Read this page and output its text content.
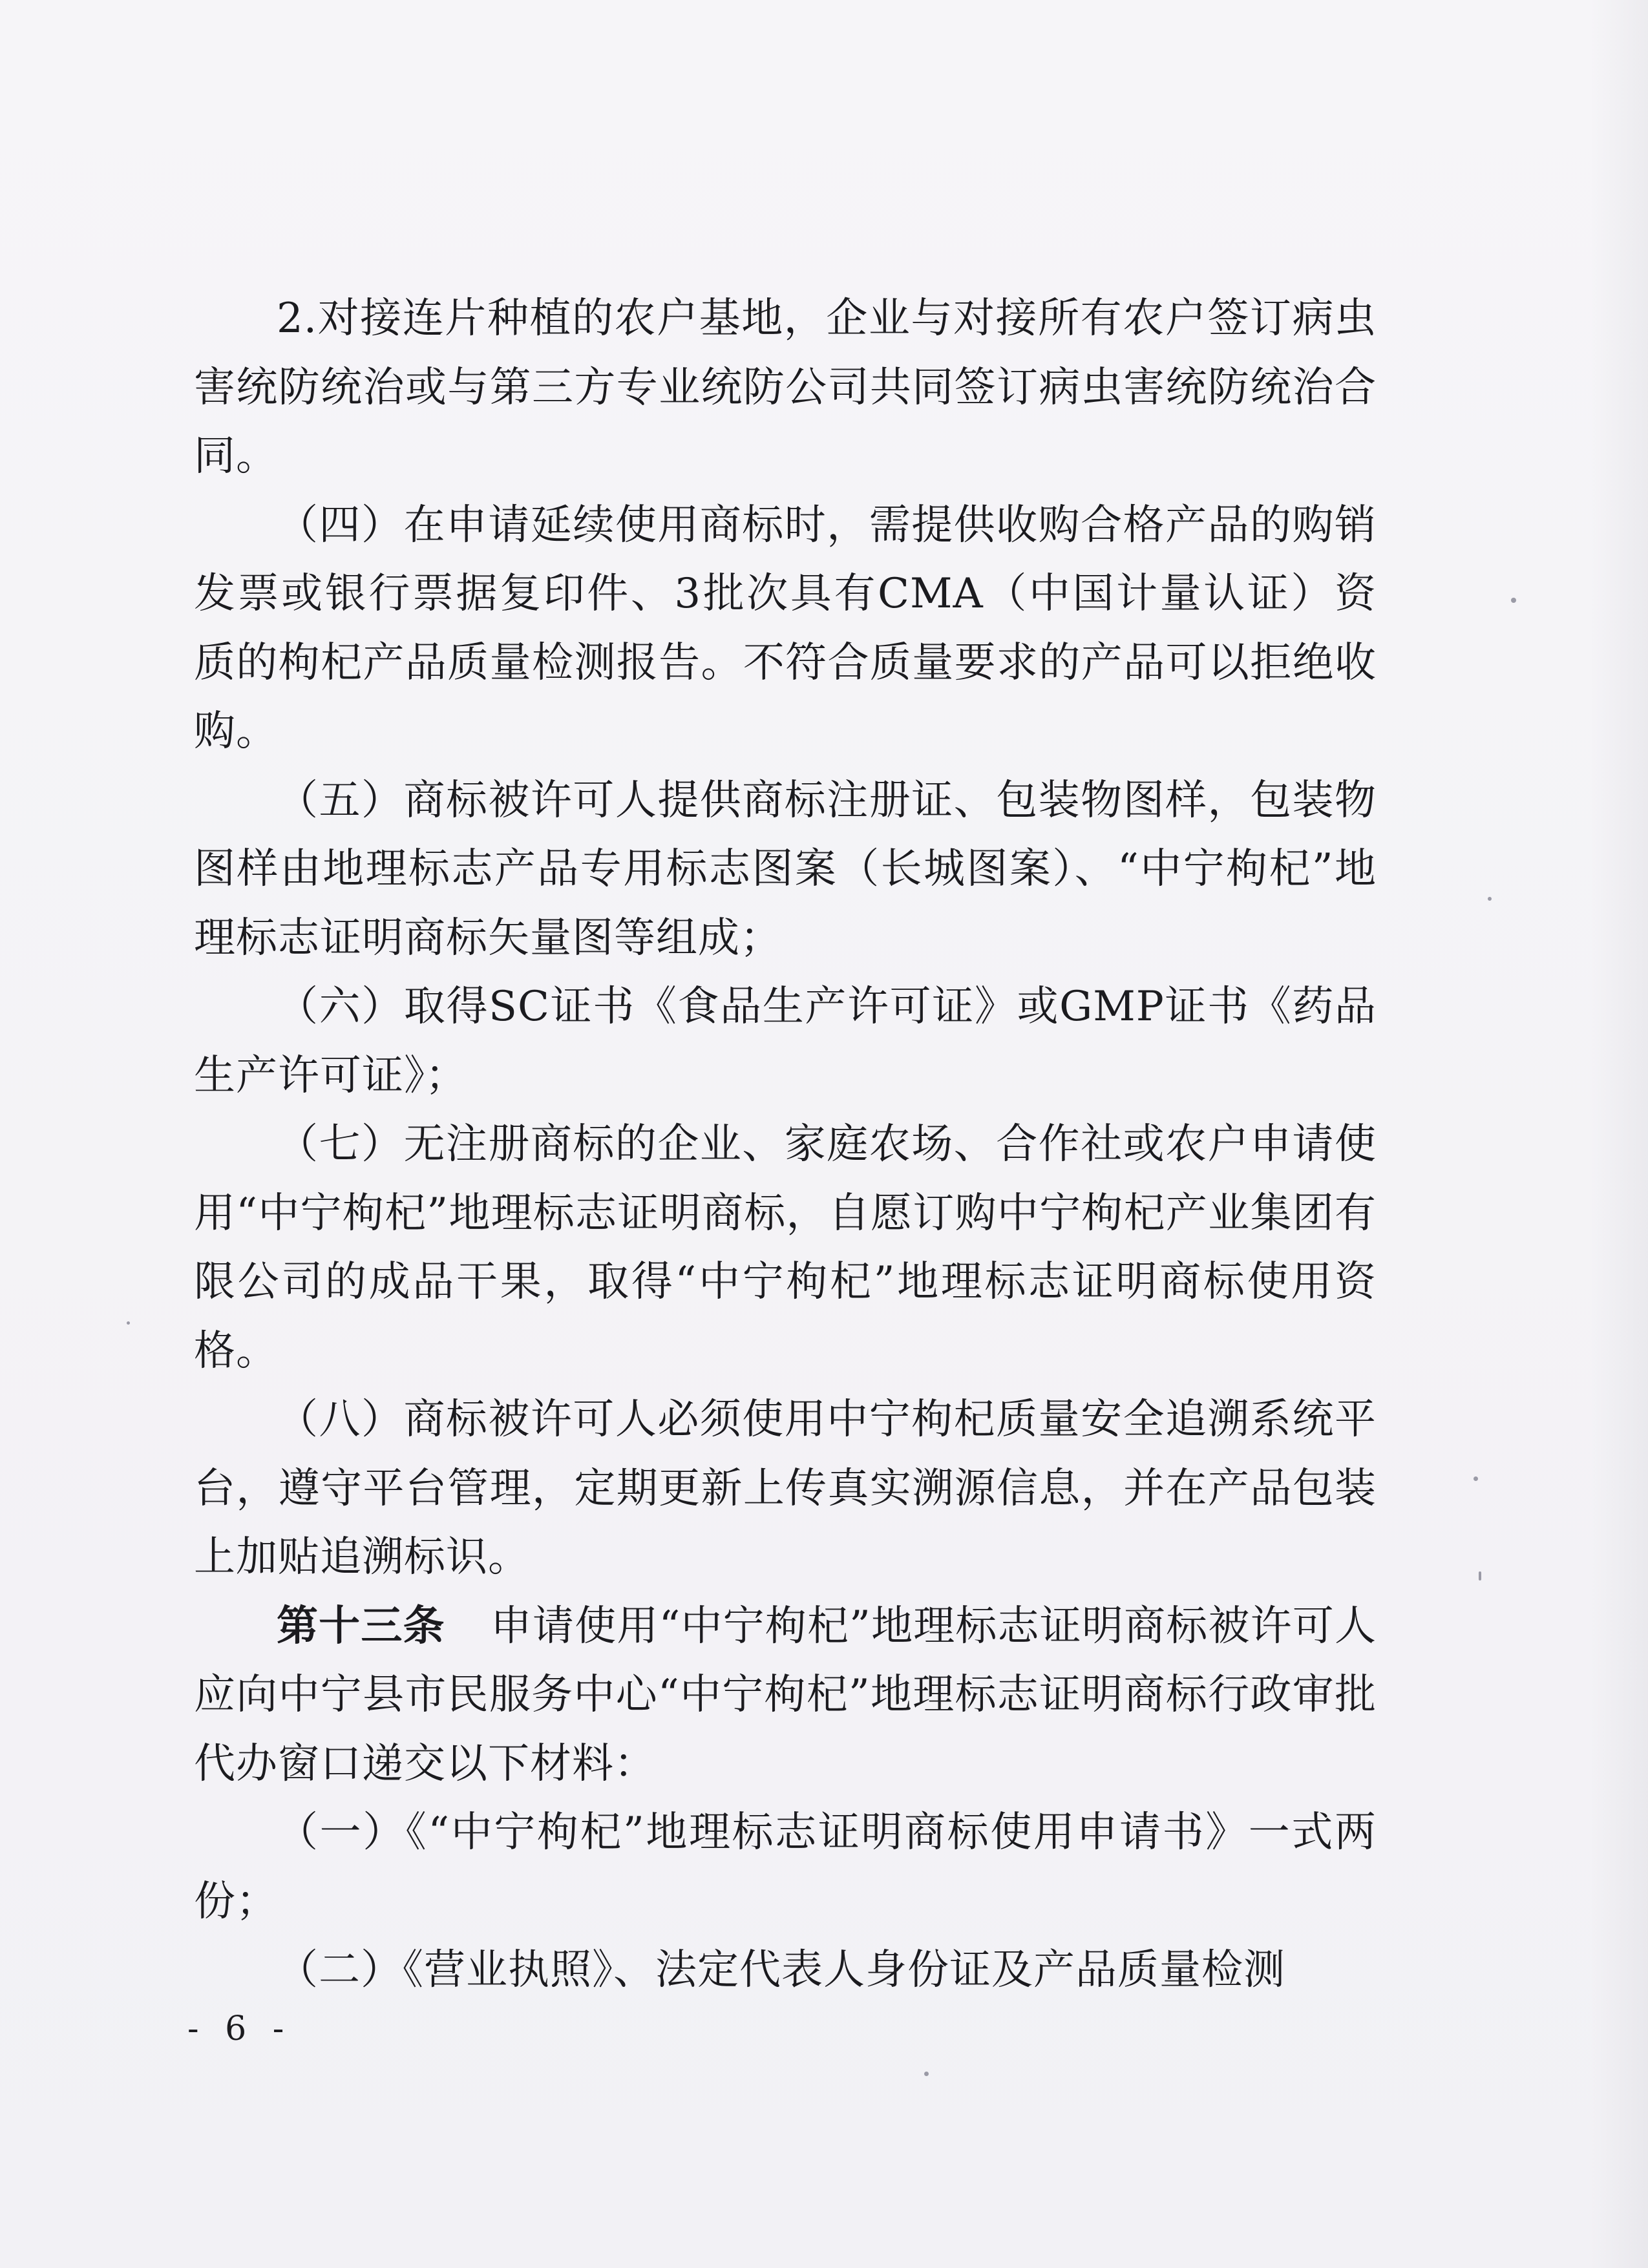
2.对接连片种植的农户基地，企业与对接所有农户签订病虫害统防统治或与第三方专业统防公司共同签订病虫害统防统治合同。

（四）在申请延续使用商标时，需提供收购合格产品的购销发票或银行票据复印件、3批次具有CMA（中国计量认证）资质的枸杞产品质量检测报告。不符合质量要求的产品可以拒绝收购。

（五）商标被许可人提供商标注册证、包装物图样，包装物图样由地理标志产品专用标志图案（长城图案）、“中宁枸杞”地理标志证明商标矢量图等组成；

（六）取得SC证书《食品生产许可证》或GMP证书《药品生产许可证》；

（七）无注册商标的企业、家庭农场、合作社或农户申请使用“中宁枸杞”地理标志证明商标，自愿订购中宁枸杞产业集团有限公司的成品干果，取得“中宁枸杞”地理标志证明商标使用资格。

（八）商标被许可人必须使用中宁枸杞质量安全追溯系统平台，遵守平台管理，定期更新上传真实溯源信息，并在产品包装上加贴追溯标识。

第十三条 申请使用“中宁枸杞”地理标志证明商标被许可人应向中宁县市民服务中心“中宁枸杞”地理标志证明商标行政审批代办窗口递交以下材料：

（一）《“中宁枸杞”地理标志证明商标使用申请书》一式两份；

（二）《营业执照》、法定代表人身份证及产品质量检测

- 6 -
